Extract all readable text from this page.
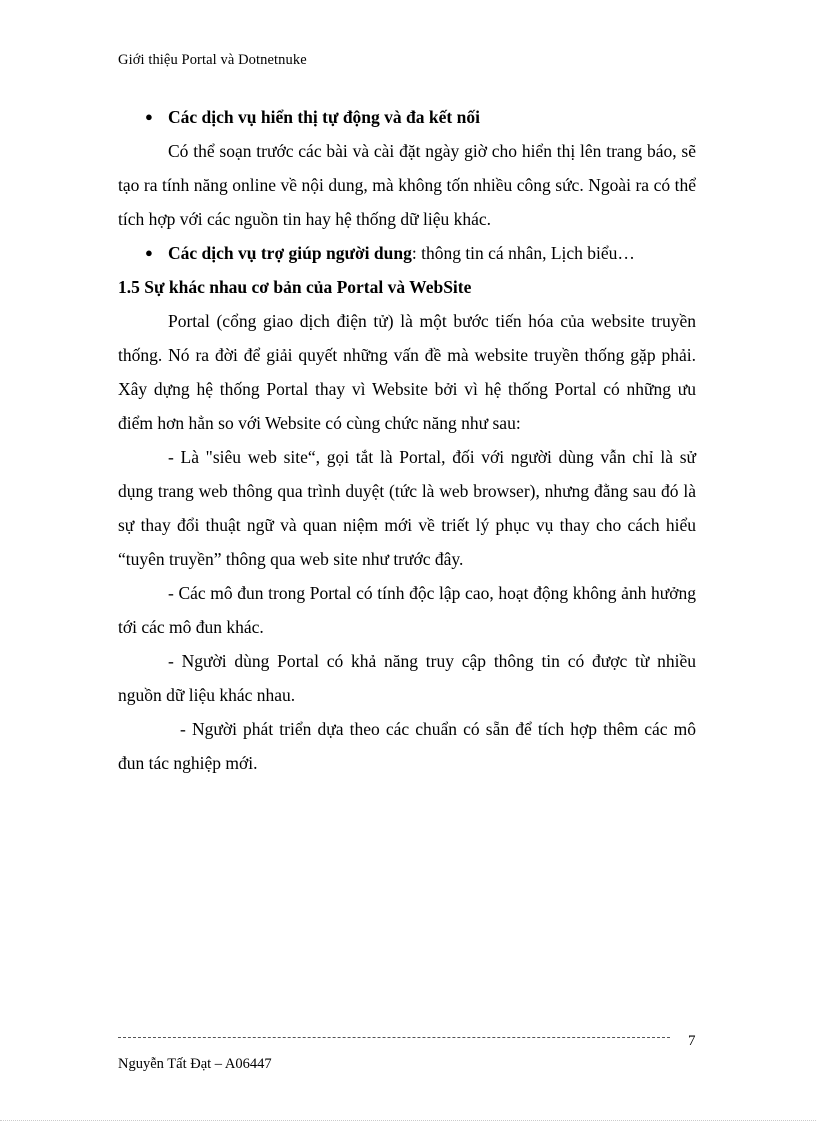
Giới thiệu Portal và Dotnetnuke
● Các dịch vụ hiển thị tự động và đa kết nối

Có thể soạn trước các bài và cài đặt ngày giờ cho hiển thị lên trang báo, sẽ tạo ra tính năng online về nội dung, mà không tốn nhiều công sức. Ngoài ra có thể tích hợp với các nguồn tin hay hệ thống dữ liệu khác.

● Các dịch vụ trợ giúp người dung: thông tin cá nhân, Lịch biểu…

1.5 Sự khác nhau cơ bản của Portal và WebSite

Portal (cổng giao dịch điện tử) là một bước tiến hóa của website truyền thống. Nó ra đời để giải quyết những vấn đề mà website truyền thống gặp phải. Xây dựng hệ thống Portal thay vì Website bởi vì hệ thống Portal có những ưu điểm hơn hẳn so với Website có cùng chức năng như sau:

- Là "siêu web site“, gọi tắt là Portal, đối với người dùng vẫn chỉ là sử dụng trang web thông qua trình duyệt (tức là web browser), nhưng đằng sau đó là sự thay đổi thuật ngữ và quan niệm mới về triết lý phục vụ thay cho cách hiểu “tuyên truyền” thông qua web site như trước đây.

- Các mô đun trong Portal có tính độc lập cao, hoạt động không ảnh hưởng tới các mô đun khác.

- Người dùng Portal có khả năng truy cập thông tin có được từ nhiều nguồn dữ liệu khác nhau.

- Người phát triển dựa theo các chuẩn có sẵn để tích hợp thêm các mô đun tác nghiệp mới.

7
Nguyễn Tất Đạt – A06447
